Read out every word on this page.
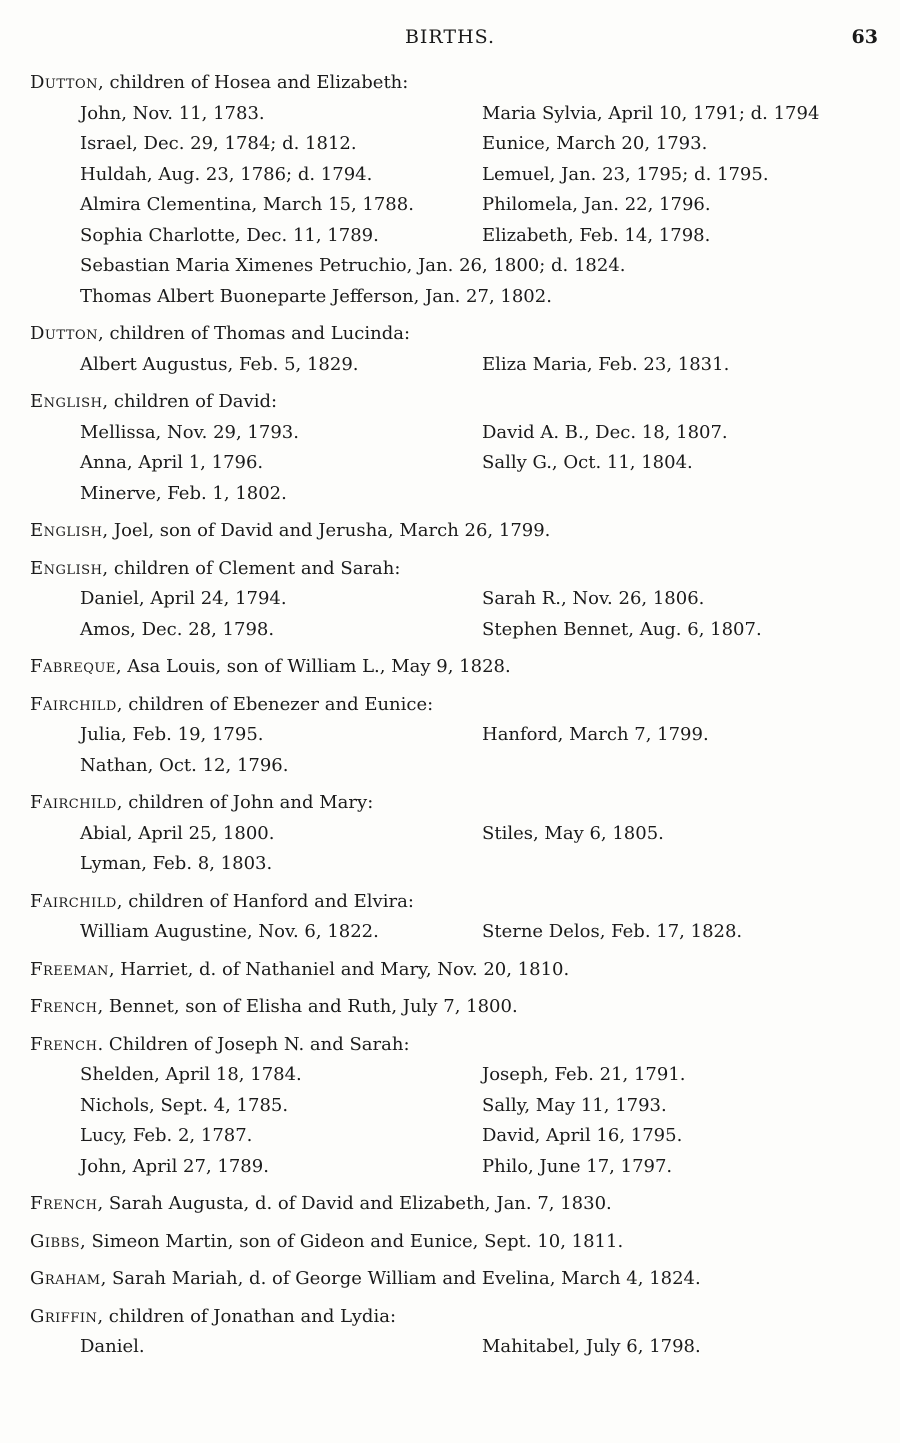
BIRTHS.	63
Dutton, children of Hosea and Elizabeth:
John, Nov. 11, 1783.	Maria Sylvia, April 10, 1791; d. 1794
Israel, Dec. 29, 1784; d. 1812.	Eunice, March 20, 1793.
Huldah, Aug. 23, 1786; d. 1794.	Lemuel, Jan. 23, 1795; d. 1795.
Almira Clementina, March 15, 1788.	Philomela, Jan. 22, 1796.
Sophia Charlotte, Dec. 11, 1789.	Elizabeth, Feb. 14, 1798.
Sebastian Maria Ximenes Petruchio, Jan. 26, 1800; d. 1824.
Thomas Albert Buoneparte Jefferson, Jan. 27, 1802.
Dutton, children of Thomas and Lucinda:
Albert Augustus, Feb. 5, 1829.	Eliza Maria, Feb. 23, 1831.
English, children of David:
Mellissa, Nov. 29, 1793.	David A. B., Dec. 18, 1807.
Anna, April 1, 1796.	Sally G., Oct. 11, 1804.
Minerve, Feb. 1, 1802.
English, Joel, son of David and Jerusha, March 26, 1799.
English, children of Clement and Sarah:
Daniel, April 24, 1794.	Sarah R., Nov. 26, 1806.
Amos, Dec. 28, 1798.	Stephen Bennet, Aug. 6, 1807.
Fabreque, Asa Louis, son of William L., May 9, 1828.
Fairchild, children of Ebenezer and Eunice:
Julia, Feb. 19, 1795.	Hanford, March 7, 1799.
Nathan, Oct. 12, 1796.
Fairchild, children of John and Mary:
Abial, April 25, 1800.	Stiles, May 6, 1805.
Lyman, Feb. 8, 1803.
Fairchild, children of Hanford and Elvira:
William Augustine, Nov. 6, 1822.	Sterne Delos, Feb. 17, 1828.
Freeman, Harriet, d. of Nathaniel and Mary, Nov. 20, 1810.
French, Bennet, son of Elisha and Ruth, July 7, 1800.
French. Children of Joseph N. and Sarah:
Shelden, April 18, 1784.	Joseph, Feb. 21, 1791.
Nichols, Sept. 4, 1785.	Sally, May 11, 1793.
Lucy, Feb. 2, 1787.	David, April 16, 1795.
John, April 27, 1789.	Philo, June 17, 1797.
French, Sarah Augusta, d. of David and Elizabeth, Jan. 7, 1830.
Gibbs, Simeon Martin, son of Gideon and Eunice, Sept. 10, 1811.
Graham, Sarah Mariah, d. of George William and Evelina, March 4, 1824.
Griffin, children of Jonathan and Lydia:
Daniel.	Mahitabel, July 6, 1798.
